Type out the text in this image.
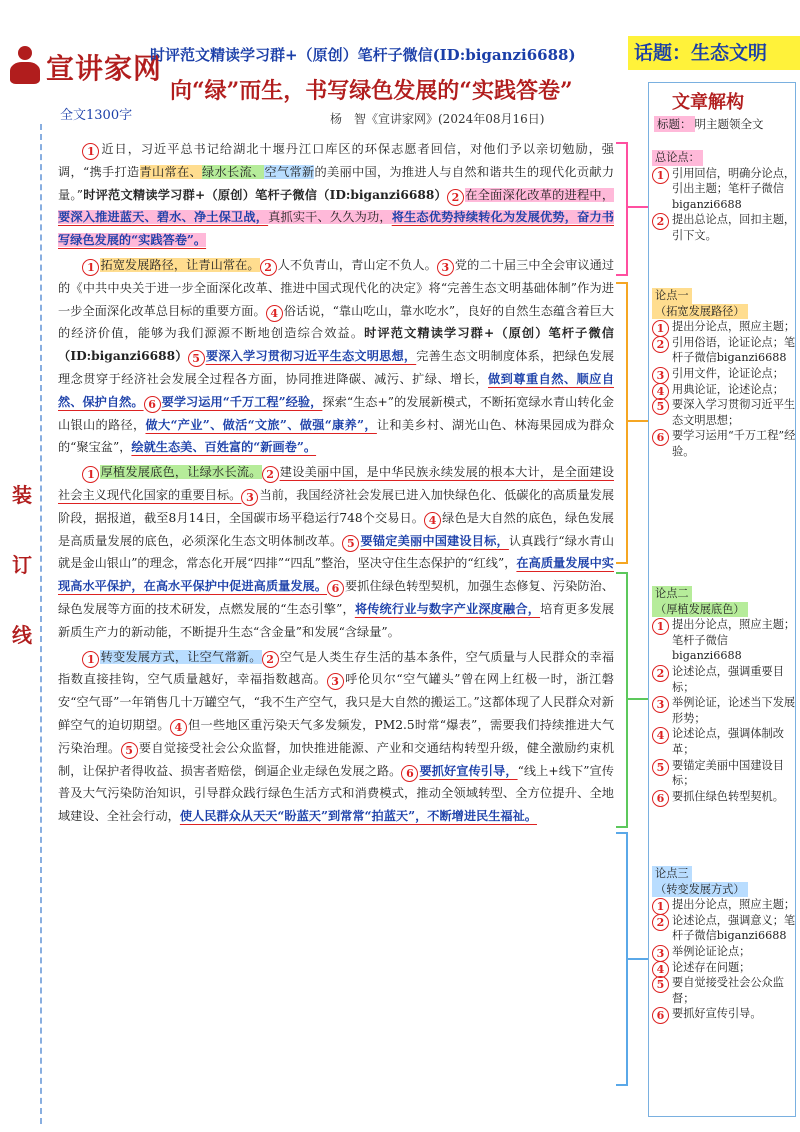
宣讲家网
时评范文精读学习群+（原创）笔杆子微信(ID:biganzi6688)	话题：生态文明
向“绿”而生，书写绿色发展的“实践答卷”
全文1300字	杨　智《宣讲家网》(2024年08月16日)
装
订
线

1 近日，习近平总书记给湖北十堰丹江口库区的环保志愿者回信，对他们予以亲切勉励，强调，“携手打造青山常在、绿水长流、空气常新的美丽中国，为推进人与自然和谐共生的现代化贡献力量。”时评范文精读学习群+（原创）笔杆子微信（ID:biganzi6688） 2 在全面深化改革的进程中，要深入推进蓝天、碧水、净土保卫战，真抓实干、久久为功，将生态优势持续转化为发展优势，奋力书写绿色发展的“实践答卷”。

1 拓宽发展路径，让青山常在。 2 人不负青山，青山定不负人。 3 党的二十届三中全会审议通过的《中共中央关于进一步全面深化改革、推进中国式现代化的决定》将“完善生态文明基础体制”作为进一步全面深化改革总目标的重要方面。 4 俗话说，“靠山吃山，靠水吃水”，良好的自然生态蕴含着巨大的经济价值，能够为我们源源不断地创造综合效益。时评范文精读学习群+（原创）笔杆子微信（ID:biganzi6688） 5 要深入学习贯彻习近平生态文明思想，完善生态文明制度体系，把绿色发展理念贯穿于经济社会发展全过程各方面，协同推进降碳、减污、扩绿、增长，做到尊重自然、顺应自然、保护自然。 6 要学习运用“千万工程”经验，探索“生态+”的发展新模式，不断拓宽绿水青山转化金山银山的路径，做大“产业”、做活“文旅”、做强“康养”，让和美乡村、湖光山色、林海果园成为群众的“聚宝盆”，绘就生态美、百姓富的“新画卷”。

1 厚植发展底色，让绿水长流。 2 建设美丽中国，是中华民族永续发展的根本大计，是全面建设社会主义现代化国家的重要目标。 3 当前，我国经济社会发展已进入加快绿色化、低碳化的高质量发展阶段，据报道，截至8月14日，全国碳市场平稳运行748个交易日。 4 绿色是大自然的底色，绿色发展是高质量发展的底色，必须深化生态文明体制改革。 5 要锚定美丽中国建设目标，认真践行“绿水青山就是金山银山”的理念，常态化开展“四排”“四乱”整治，坚决守住生态保护的“红线”，在高质量发展中实现高水平保护，在高水平保护中促进高质量发展。 6 要抓住绿色转型契机，加强生态修复、污染防治、绿色发展等方面的技术研发，点燃发展的“生态引擎”，将传统行业与数字产业深度融合，培育更多发展新质生产力的新动能，不断提升生态“含金量”和发展“含绿量”。

1 转变发展方式，让空气常新。 2 空气是人类生存生活的基本条件，空气质量与人民群众的幸福指数直接挂钩，空气质量越好，幸福指数越高。 3 呼伦贝尔“空气罐头”曾在网上红极一时，浙江磐安“空气哥”一年销售几十万罐空气，“我不生产空气，我只是大自然的搬运工。”这都体现了人民群众对新鲜空气的迫切期望。 4 但一些地区重污染天气多发频发，PM2.5时常“爆表”，需要我们持续推进大气污染治理。 5 要自觉接受社会公众监督，加快推进能源、产业和交通结构转型升级，健全激励约束机制，让保护者得收益、损害者赔偿，倒逼企业走绿色发展之路。 6 要抓好宣传引导，“线上+线下”宣传普及大气污染防治知识，引导群众践行绿色生活方式和消费模式，推动全领域转型、全方位提升、全地域建设、全社会行动，使人民群众从天天“盼蓝天”到常常“拍蓝天”，不断增进民生福祉。

文章解构
标题： 明主题领全文
总论点：
1 引用回信，明确分论点，引出主题；笔杆子微信biganzi6688
2 提出总论点，回扣主题，引下文。
论点一
（拓宽发展路径）
1 提出分论点，照应主题；
2 引用俗语，论证论点；笔杆子微信biganzi6688
3 引用文件，论证论点；
4 用典论证，论述论点；
5 要深入学习贯彻习近平生态文明思想；
6 要学习运用“千万工程”经验。
论点二
（厚植发展底色）
1 提出分论点，照应主题；笔杆子微信biganzi6688
2 论述论点，强调重要目标；
3 举例论证，论述当下发展形势；
4 论述论点，强调体制改革；
5 要锚定美丽中国建设目标；
6 要抓住绿色转型契机。
论点三
（转变发展方式）
1 提出分论点，照应主题；
2 论述论点，强调意义；笔杆子微信biganzi6688
3 举例论证论点；
4 论述存在问题；
5 要自觉接受社会公众监督；
6 要抓好宣传引导。
